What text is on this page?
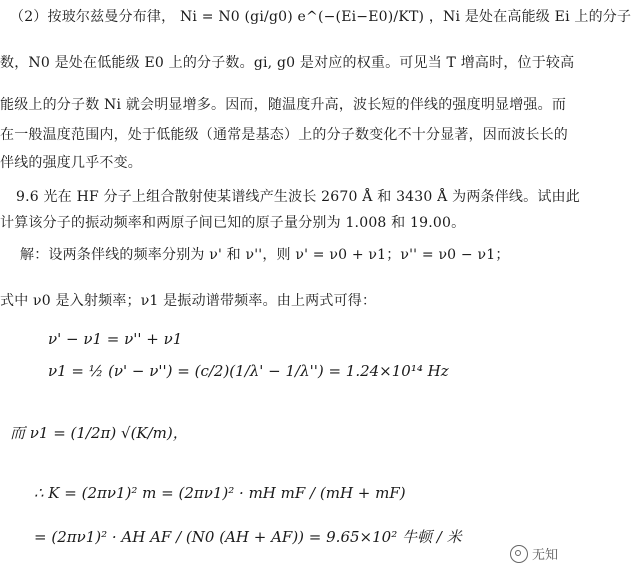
（2）按玻尔兹曼分布律， Ni = N0 (gi/g0) e^(−(Ei−E0)/KT) ，Ni 是处在高能级 Ei 上的分子
数，N0 是处在低能级 E0 上的分子数。gi, g0 是对应的权重。可见当 T 增高时，位于较高
能级上的分子数 Ni 就会明显增多。因而，随温度升高，波长短的伴线的强度明显增强。而
在一般温度范围内，处于低能级（通常是基态）上的分子数变化不十分显著，因而波长长的
伴线的强度几乎不变。
9.6 光在 HF 分子上组合散射使某谱线产生波长 2670 Å 和 3430 Å 为两条伴线。试由此
计算该分子的振动频率和两原子间已知的原子量分别为 1.008 和 19.00。
解：设两条伴线的频率分别为 ν' 和 ν''，则 ν' = ν0 + ν1；ν'' = ν0 − ν1；
式中 ν0 是入射频率；ν1 是振动谱带频率。由上两式可得：
ν' − ν1 = ν'' + ν1
ν1 = ½ (ν' − ν'') = (c/2)(1/λ' − 1/λ'') = 1.24×10¹⁴ Hz
而 ν1 = (1/2π) √(K/m)，
∴ K = (2πν1)² m = (2πν1)² · mH mF / (mH + mF)
= (2πν1)² · AH AF / (N0 (AH + AF)) = 9.65×10² 牛顿 / 米
无知
